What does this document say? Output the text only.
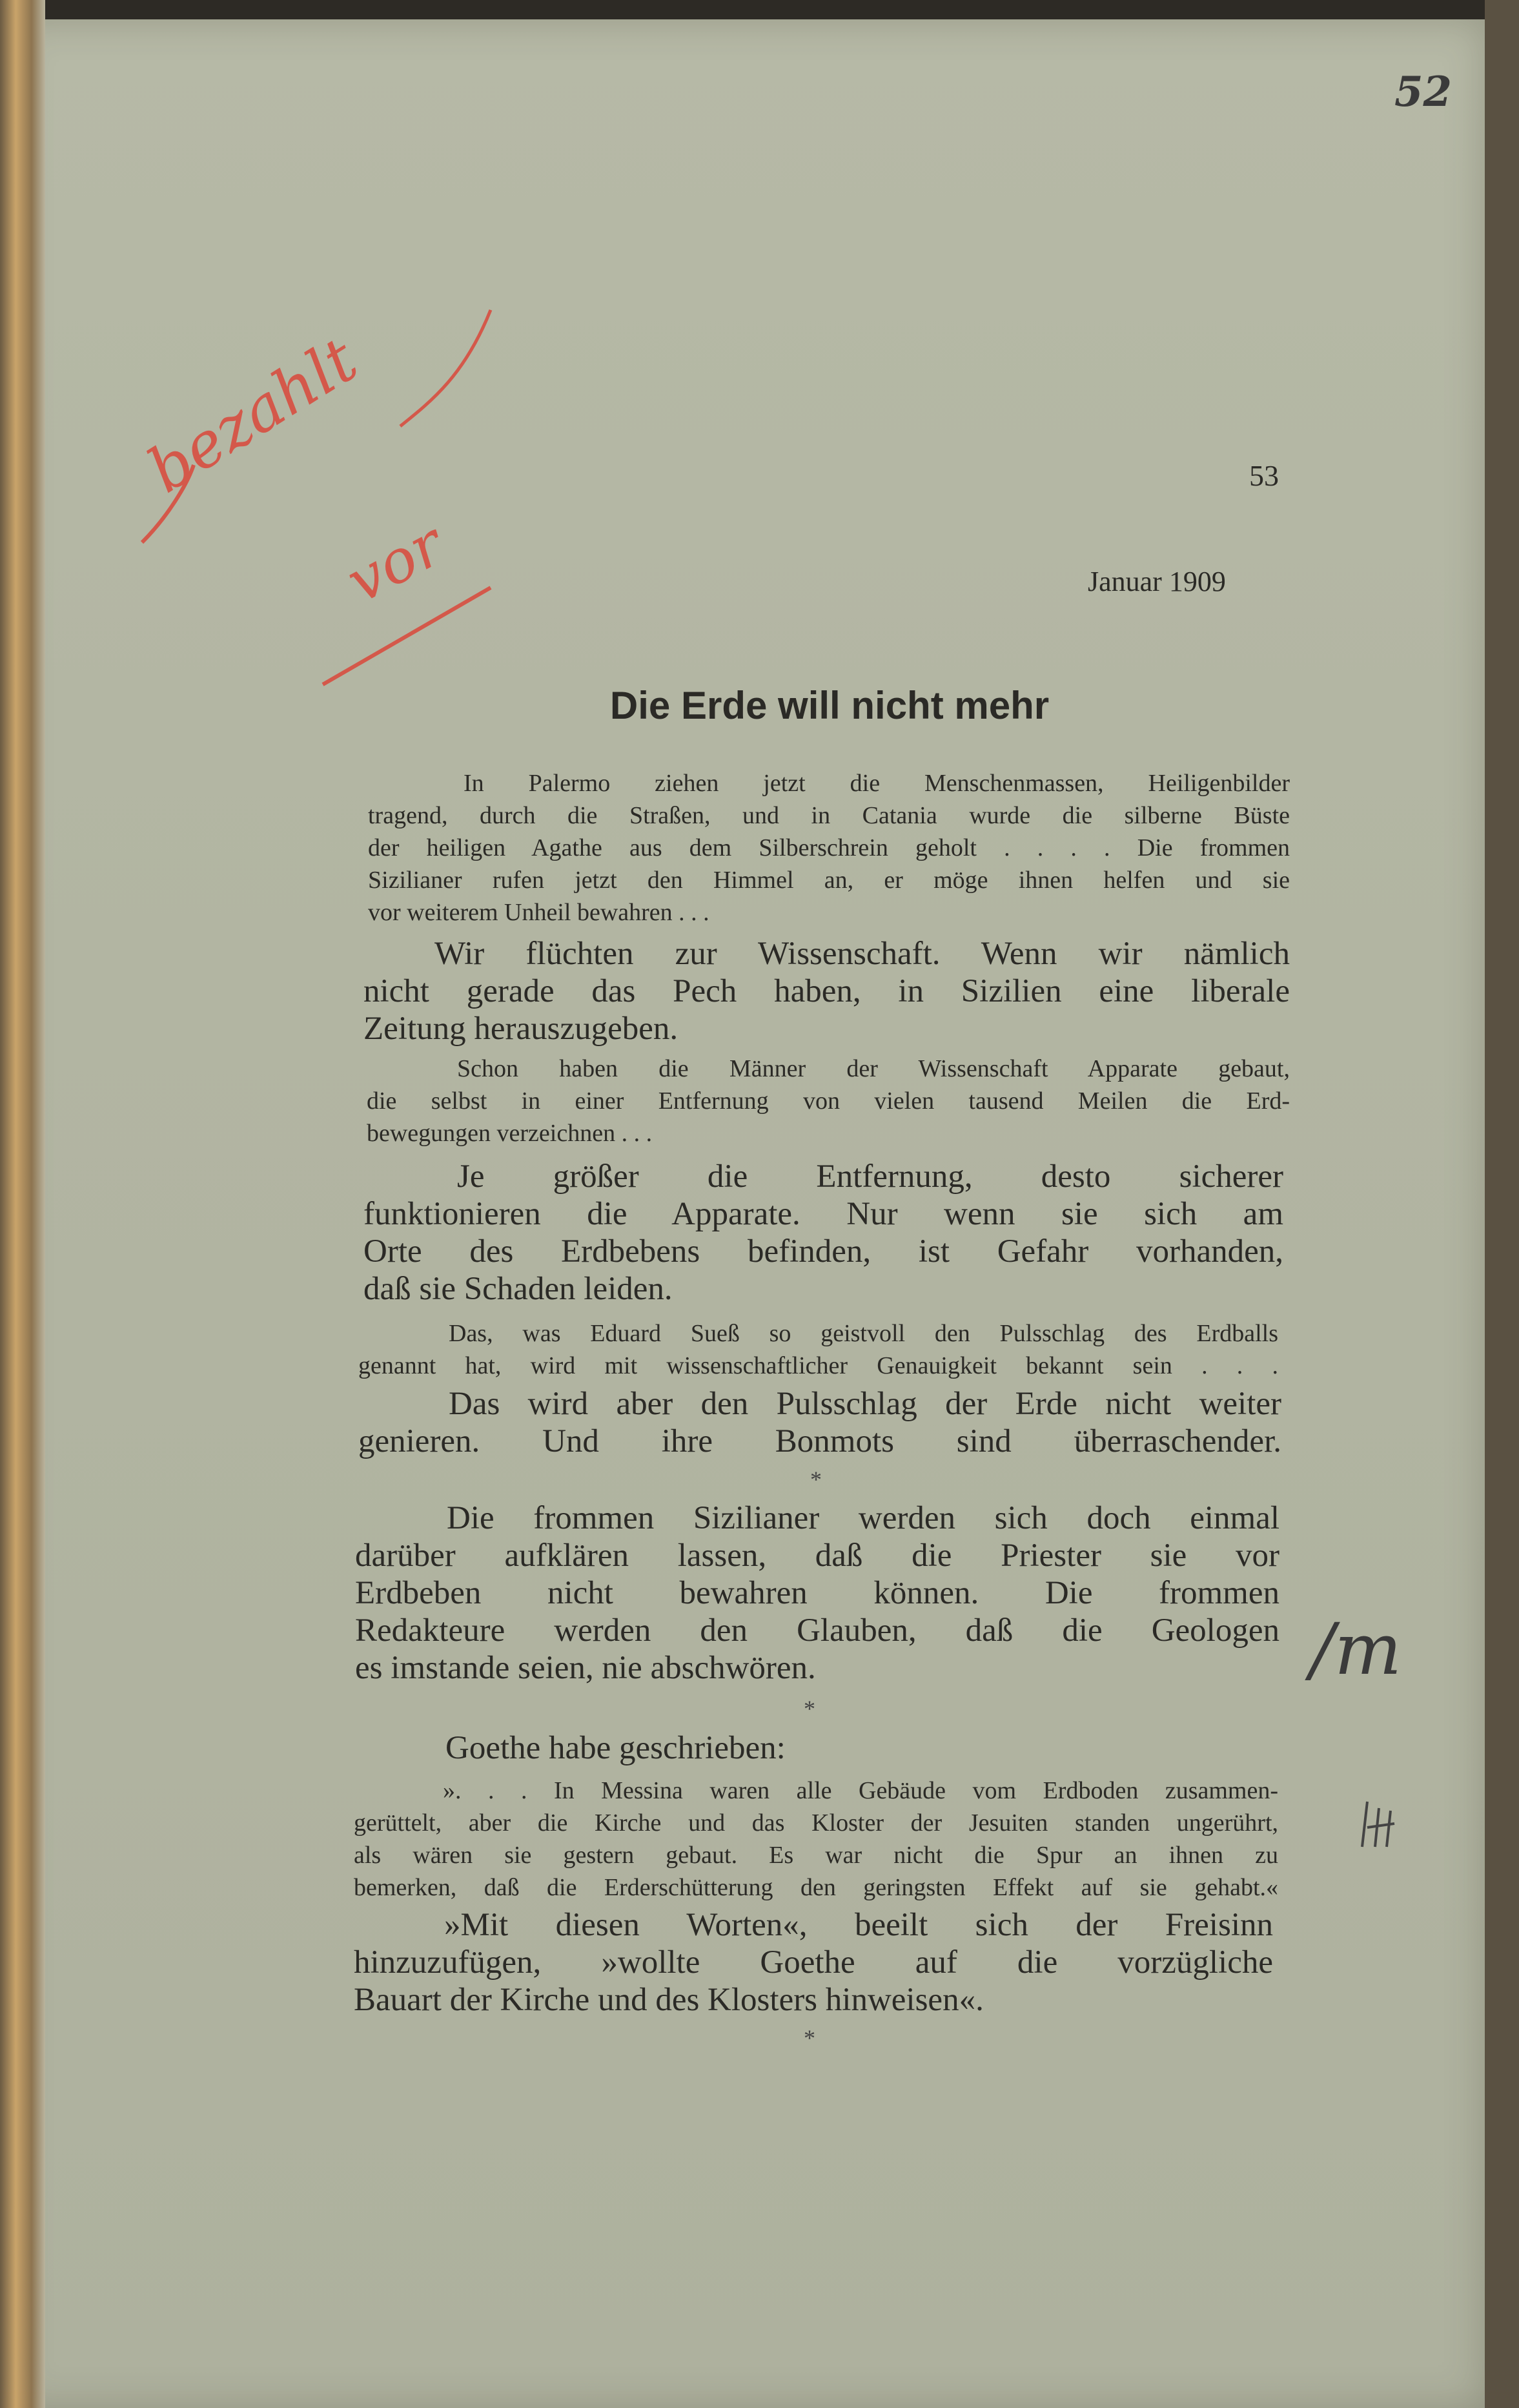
52
bezahlt
vor
53
Januar 1909
Die Erde will nicht mehr
In Palermo ziehen jetzt die Menschenmassen, Heiligenbilder
tragend, durch die Straßen, und in Catania wurde die silberne Büste
der heiligen Agathe aus dem Silberschrein geholt . . . . Die frommen
Sizilianer rufen jetzt den Himmel an, er möge ihnen helfen und sie
vor weiterem Unheil bewahren . . .
Wir flüchten zur Wissenschaft. Wenn wir nämlich
nicht gerade das Pech haben, in Sizilien eine liberale
Zeitung herauszugeben.
Schon haben die Männer der Wissenschaft Apparate gebaut,
die selbst in einer Entfernung von vielen tausend Meilen die Erd-
bewegungen verzeichnen . . .
Je größer die Entfernung, desto sicherer
funktionieren die Apparate. Nur wenn sie sich am
Orte des Erdbebens befinden, ist Gefahr vorhanden,
daß sie Schaden leiden.
Das, was Eduard Sueß so geistvoll den Pulsschlag des Erdballs
genannt hat, wird mit wissenschaftlicher Genauigkeit bekannt sein . . .
Das wird aber den Pulsschlag der Erde nicht weiter
genieren. Und ihre Bonmots sind überraschender.
*
Die frommen Sizilianer werden sich doch einmal
darüber aufklären lassen, daß die Priester sie vor
Erdbeben nicht bewahren können. Die frommen
Redakteure werden den Glauben, daß die Geologen
es imstande seien, nie abschwören.
*
/m
Goethe habe geschrieben:
». . . In Messina waren alle Gebäude vom Erdboden zusammen-
gerüttelt, aber die Kirche und das Kloster der Jesuiten standen ungerührt,
als wären sie gestern gebaut. Es war nicht die Spur an ihnen zu
bemerken, daß die Erderschütterung den geringsten Effekt auf sie gehabt.«
»Mit diesen Worten«, beeilt sich der Freisinn
hinzuzufügen, »wollte Goethe auf die vorzügliche
Bauart der Kirche und des Klosters hinweisen«.
*
